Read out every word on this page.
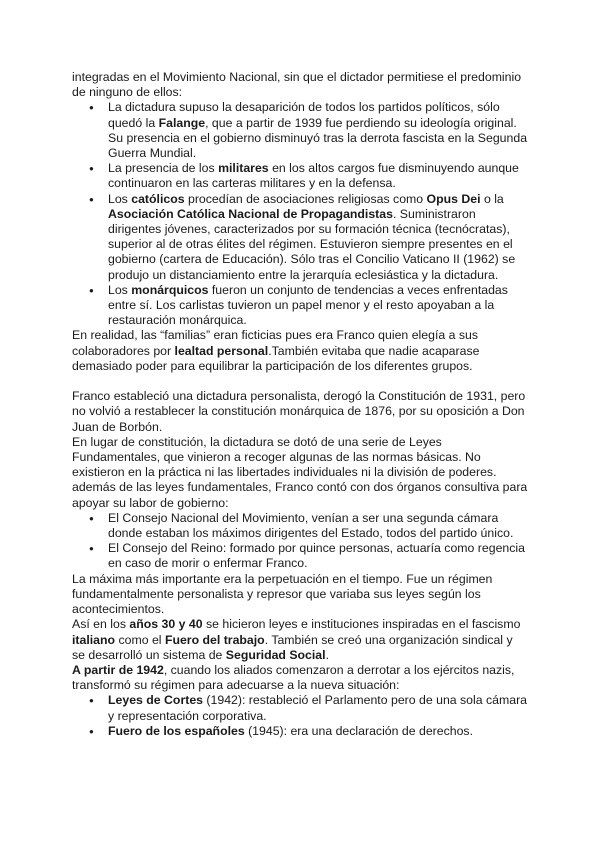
integradas en el Movimiento Nacional, sin que el dictador permitiese el predominio de ninguno de ellos:

● La dictadura supuso la desaparición de todos los partidos políticos, sólo quedó la Falange, que a partir de 1939 fue perdiendo su ideología original. Su presencia en el gobierno disminuyó tras la derrota fascista en la Segunda Guerra Mundial.
● La presencia de los militares en los altos cargos fue disminuyendo aunque continuaron en las carteras militares y en la defensa.
● Los católicos procedían de asociaciones religiosas como Opus Dei o la Asociación Católica Nacional de Propagandistas. Suministraron dirigentes jóvenes, caracterizados por su formación técnica (tecnócratas), superior al de otras élites del régimen. Estuvieron siempre presentes en el gobierno (cartera de Educación). Sólo tras el Concilio Vaticano II (1962) se produjo un distanciamiento entre la jerarquía eclesiástica y la dictadura.
● Los monárquicos fueron un conjunto de tendencias a veces enfrentadas entre sí. Los carlistas tuvieron un papel menor y el resto apoyaban a la restauración monárquica.

En realidad, las “familias” eran ficticias pues era Franco quien elegía a sus colaboradores por lealtad personal.También evitaba que nadie acaparase demasiado poder para equilibrar la participación de los diferentes grupos.

Franco estableció una dictadura personalista, derogó la Constitución de 1931, pero no volvió a restablecer la constitución monárquica de 1876, por su oposición a Don Juan de Borbón.

En lugar de constitución, la dictadura se dotó de una serie de Leyes Fundamentales, que vinieron a recoger algunas de las normas básicas. No existieron en la práctica ni las libertades individuales ni la división de poderes. además de las leyes fundamentales, Franco contó con dos órganos consultiva para apoyar su labor de gobierno:

● El Consejo Nacional del Movimiento, venían a ser una segunda cámara donde estaban los máximos dirigentes del Estado, todos del partido único.
● El Consejo del Reino: formado por quince personas, actuaría como regencia en caso de morir o enfermar Franco.

La máxima más importante era la perpetuación en el tiempo. Fue un régimen fundamentalmente personalista y represor que variaba sus leyes según los acontecimientos.

Así en los años 30 y 40 se hicieron leyes e instituciones inspiradas en el fascismo italiano como el Fuero del trabajo. También se creó una organización sindical y se desarrolló un sistema de Seguridad Social.

A partir de 1942, cuando los aliados comenzaron a derrotar a los ejércitos nazis, transformó su régimen para adecuarse a la nueva situación:

● Leyes de Cortes (1942): restableció el Parlamento pero de una sola cámara y representación corporativa.
● Fuero de los españoles (1945): era una declaración de derechos.
